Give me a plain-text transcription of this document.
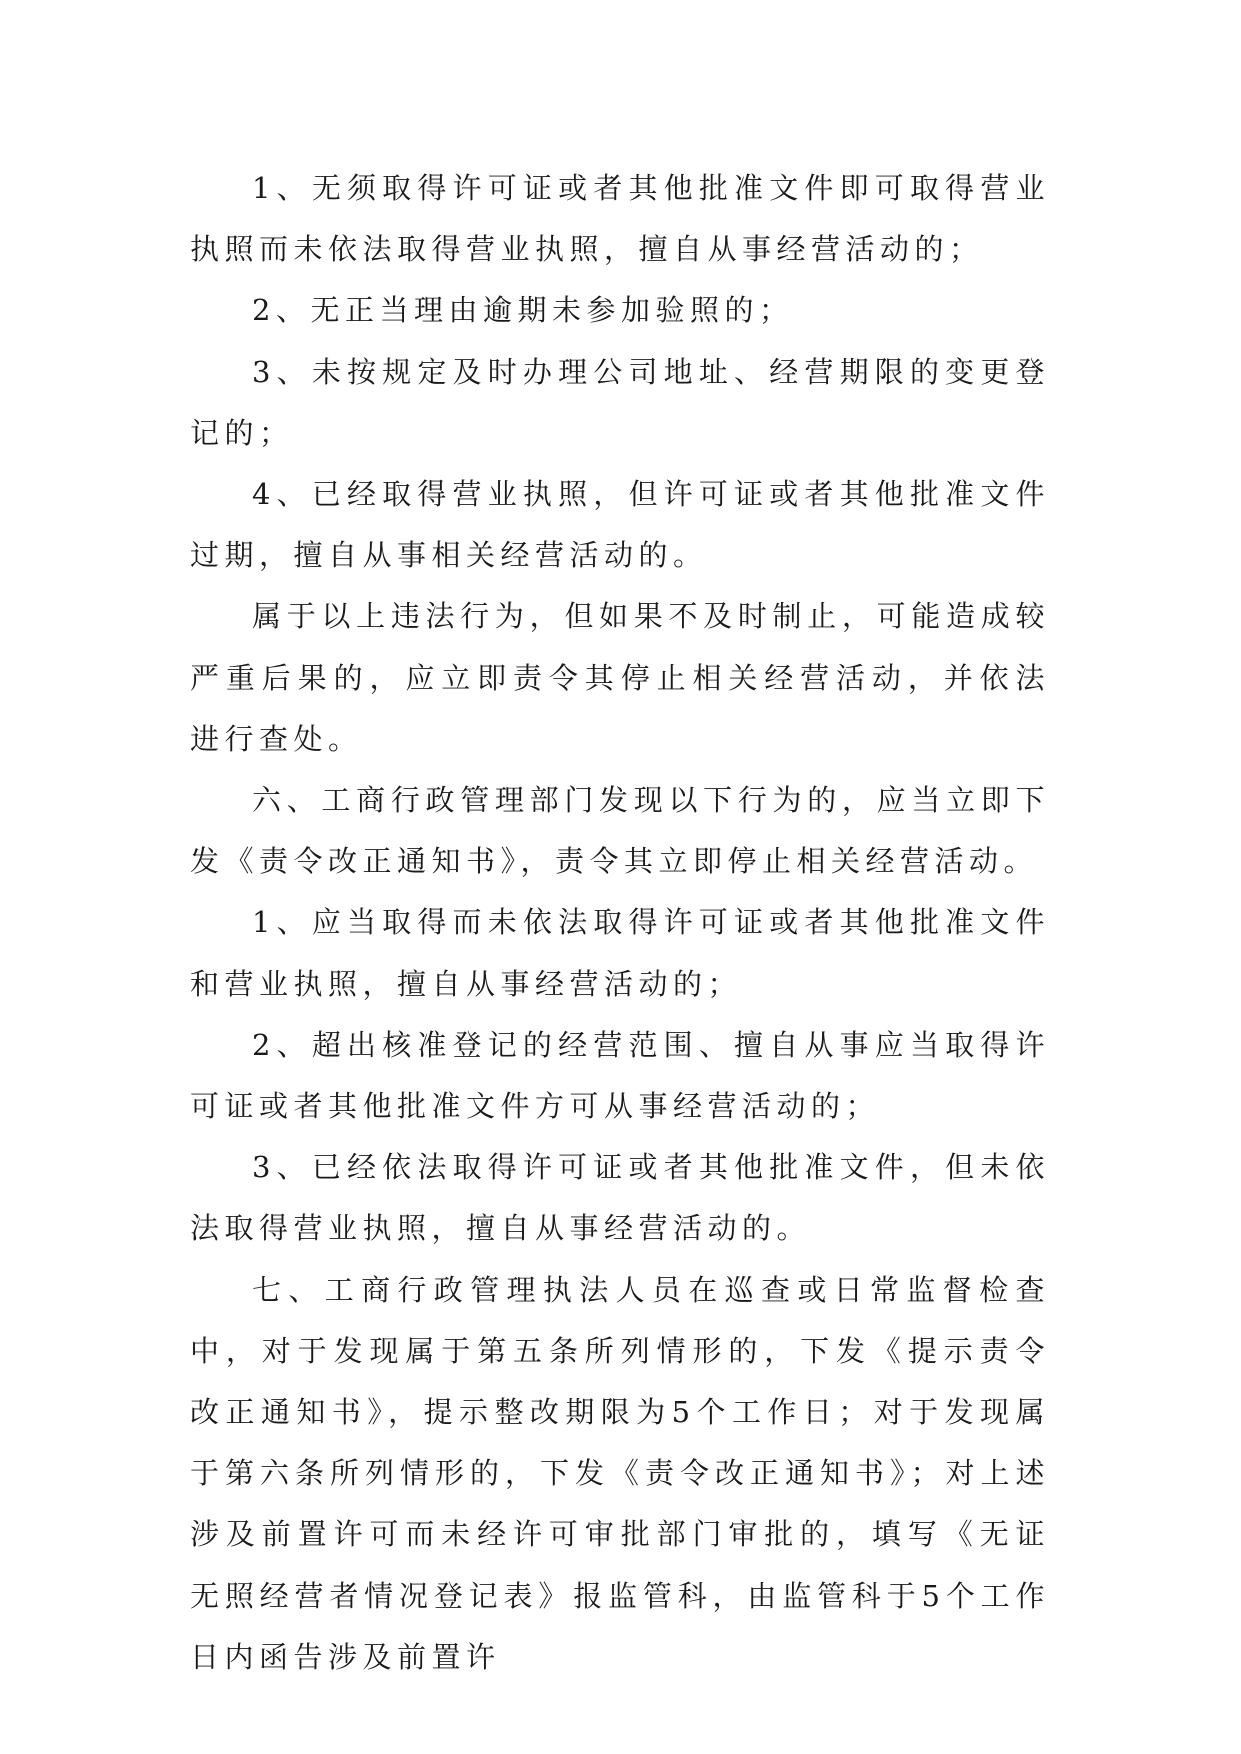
1、无须取得许可证或者其他批准文件即可取得营业执照而未依法取得营业执照，擅自从事经营活动的；

2、无正当理由逾期未参加验照的；

3、未按规定及时办理公司地址、经营期限的变更登记的；

4、已经取得营业执照，但许可证或者其他批准文件过期，擅自从事相关经营活动的。

属于以上违法行为，但如果不及时制止，可能造成较严重后果的，应立即责令其停止相关经营活动，并依法进行查处。

六、工商行政管理部门发现以下行为的，应当立即下发《责令改正通知书》，责令其立即停止相关经营活动。

1、应当取得而未依法取得许可证或者其他批准文件和营业执照，擅自从事经营活动的；

2、超出核准登记的经营范围、擅自从事应当取得许可证或者其他批准文件方可从事经营活动的；

3、已经依法取得许可证或者其他批准文件，但未依法取得营业执照，擅自从事经营活动的。

七、工商行政管理执法人员在巡查或日常监督检查中，对于发现属于第五条所列情形的，下发《提示责令改正通知书》，提示整改期限为5个工作日；对于发现属于第六条所列情形的，下发《责令改正通知书》；对上述涉及前置许可而未经许可审批部门审批的，填写《无证无照经营者情况登记表》报监管科，由监管科于5个工作日内函告涉及前置许
